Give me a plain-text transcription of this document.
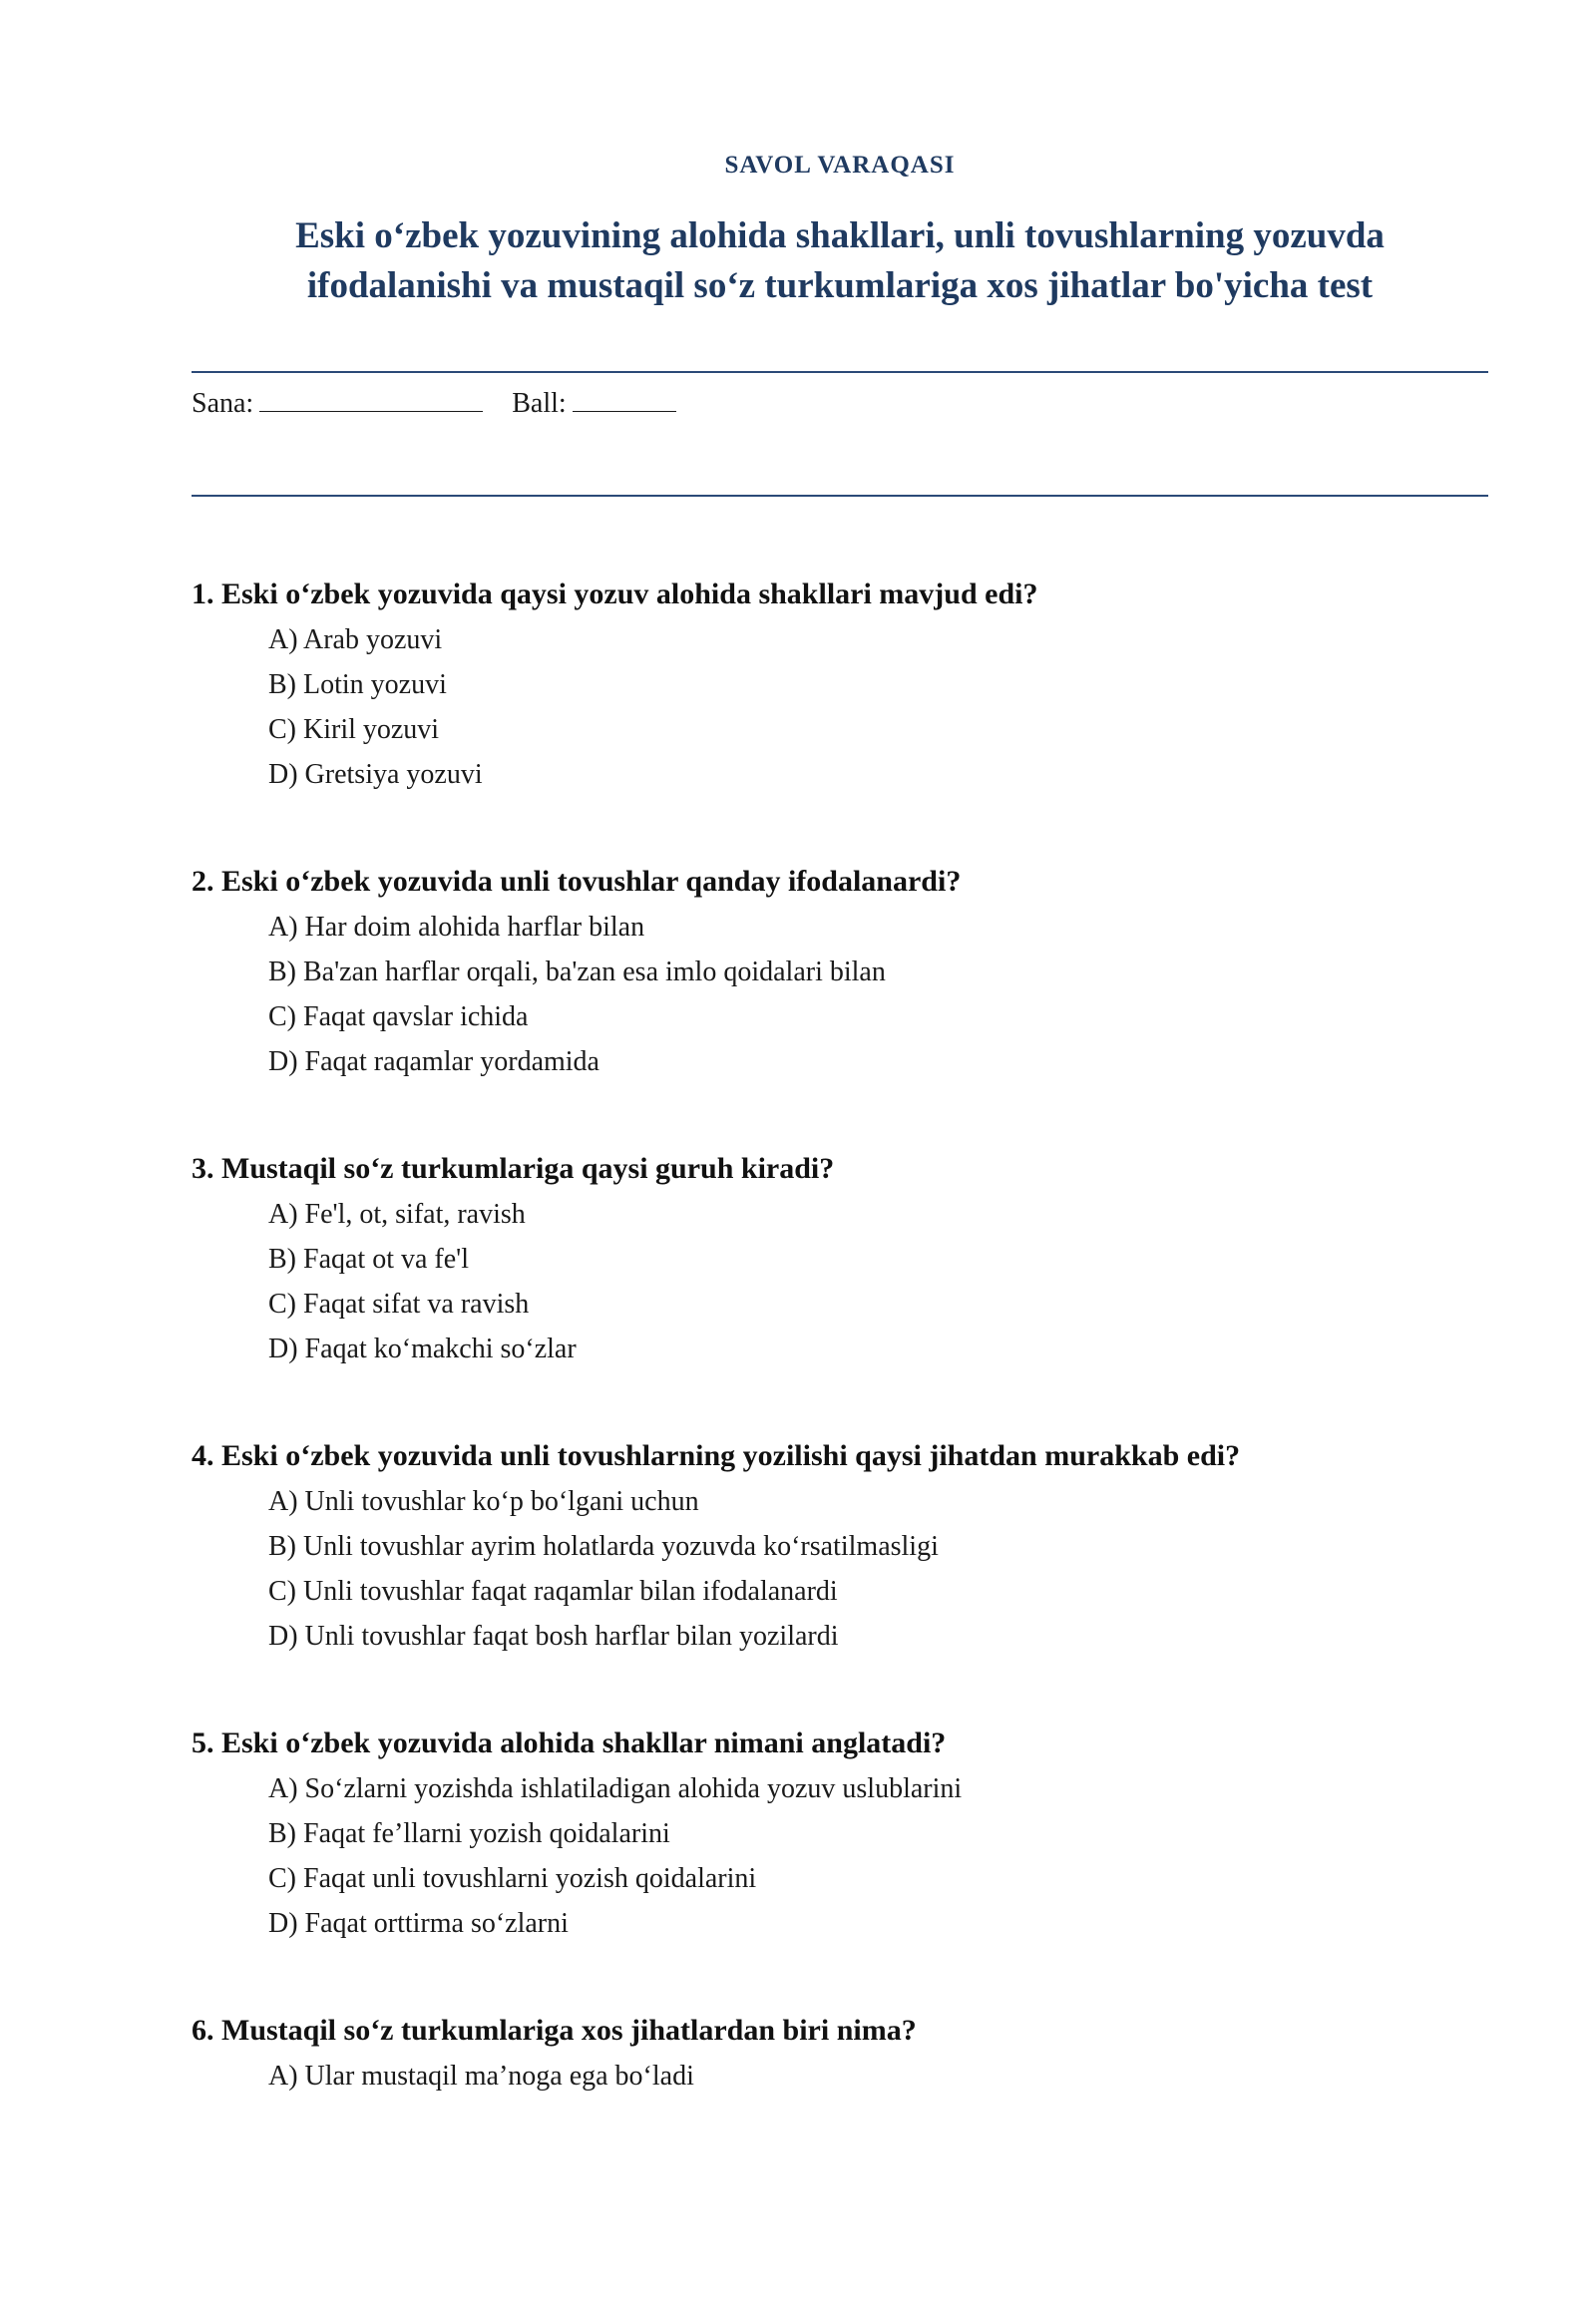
SAVOL VARAQASI
Eski oʻzbek yozuvining alohida shakllari, unli tovushlarning yozuvda
ifodalanishi va mustaqil soʻz turkumlariga xos jihatlar bo'yicha test
Sana:	Ball:
1. Eski oʻzbek yozuvida qaysi yozuv alohida shakllari mavjud edi?
A) Arab yozuvi
B) Lotin yozuvi
C) Kiril yozuvi
D) Gretsiya yozuvi
2. Eski oʻzbek yozuvida unli tovushlar qanday ifodalanardi?
A) Har doim alohida harflar bilan
B) Ba'zan harflar orqali, ba'zan esa imlo qoidalari bilan
C) Faqat qavslar ichida
D) Faqat raqamlar yordamida
3. Mustaqil soʻz turkumlariga qaysi guruh kiradi?
A) Fe'l, ot, sifat, ravish
B) Faqat ot va fe'l
C) Faqat sifat va ravish
D) Faqat koʻmakchi soʻzlar
4. Eski oʻzbek yozuvida unli tovushlarning yozilishi qaysi jihatdan murakkab edi?
A) Unli tovushlar koʻp boʻlgani uchun
B) Unli tovushlar ayrim holatlarda yozuvda koʻrsatilmasligi
C) Unli tovushlar faqat raqamlar bilan ifodalanardi
D) Unli tovushlar faqat bosh harflar bilan yozilardi
5. Eski oʻzbek yozuvida alohida shakllar nimani anglatadi?
A) Soʻzlarni yozishda ishlatiladigan alohida yozuv uslublarini
B) Faqat fe’llarni yozish qoidalarini
C) Faqat unli tovushlarni yozish qoidalarini
D) Faqat orttirma soʻzlarni
6. Mustaqil soʻz turkumlariga xos jihatlardan biri nima?
A) Ular mustaqil ma’noga ega boʻladi
